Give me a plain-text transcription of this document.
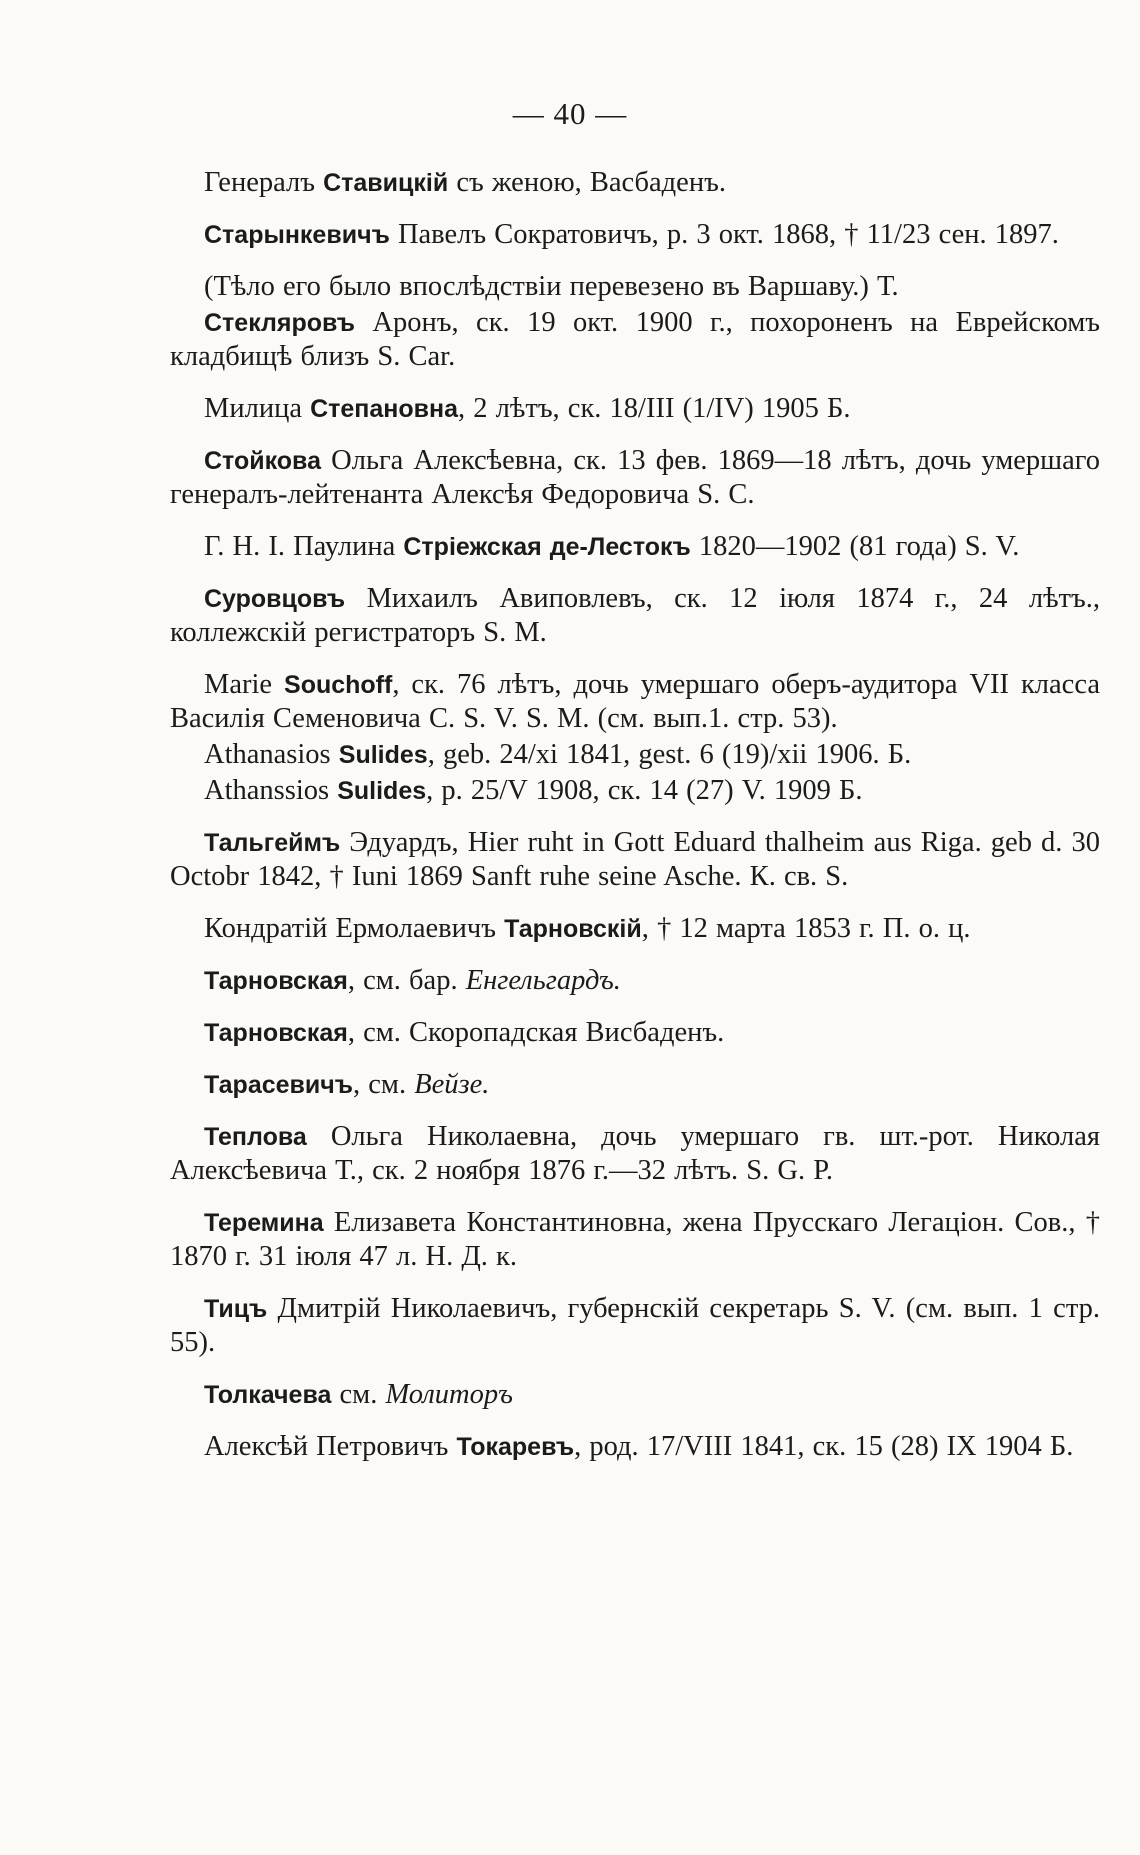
— 40 —

Генералъ Ставицкій съ женою, Васбаденъ.

Старынкевичъ Павелъ Сократовичъ, р. 3 окт. 1868, † 11/23 сен. 1897.

(Тѣло его было впослѣдствіи перевезено въ Варшаву.) Т.

Стекляровъ Аронъ, ск. 19 окт. 1900 г., похороненъ на Еврейскомъ кладбищѣ близъ S. Car.

Милица Степановна, 2 лѣтъ, ск. 18/III (1/IV) 1905 Б.

Стойкова Ольга Алексѣевна, ск. 13 фев. 1869—18 лѣтъ, дочь умершаго генералъ-лейтенанта Алексѣя Федоровича S. C.

Г. Н. І. Паулина Стріежская де-Лестокъ 1820—1902 (81 года) S. V.

Суровцовъ Михаилъ Авиповлевъ, ск. 12 іюля 1874 г., 24 лѣтъ., коллежскій регистраторъ S. M.

Marie Souchoff, ск. 76 лѣтъ, дочь умершаго оберъ-аудитора VII класса Василія Семеновича С. S. V. S. M. (см. вып.1. стр. 53).

Athanasios Sulides, geb. 24/xi 1841, gest. 6 (19)/xii 1906. Б.

Athanssios Sulides, р. 25/V 1908, ск. 14 (27) V. 1909 Б.

Тальгеймъ Эдуардъ, Hier ruht in Gott Eduard thalheim aus Riga. geb d. 30 Octobr 1842, † Iuni 1869 Sanft ruhe seine Asche. К. св. S.

Кондратій Ермолаевичъ Тарновскій, † 12 марта 1853 г. П. о. ц.

Тарновская, см. бар. Енгельгардъ.

Тарновская, см. Скоропадская Висбаденъ.

Тарасевичъ, см. Вейзе.

Теплова Ольга Николаевна, дочь умершаго гв. шт.-рот. Николая Алексѣевича Т., ск. 2 ноября 1876 г.—32 лѣтъ. S. G. P.

Теремина Елизавета Константиновна, жена Прусскаго Легаціон. Сов., † 1870 г. 31 іюля 47 л. Н. Д. к.

Тицъ Дмитрій Николаевичъ, губернскій секретарь S. V. (см. вып. 1 стр. 55).

Толкачева см. Молиторъ

Алексѣй Петровичъ Токаревъ, род. 17/VIII 1841, ск. 15 (28) IX 1904 Б.
